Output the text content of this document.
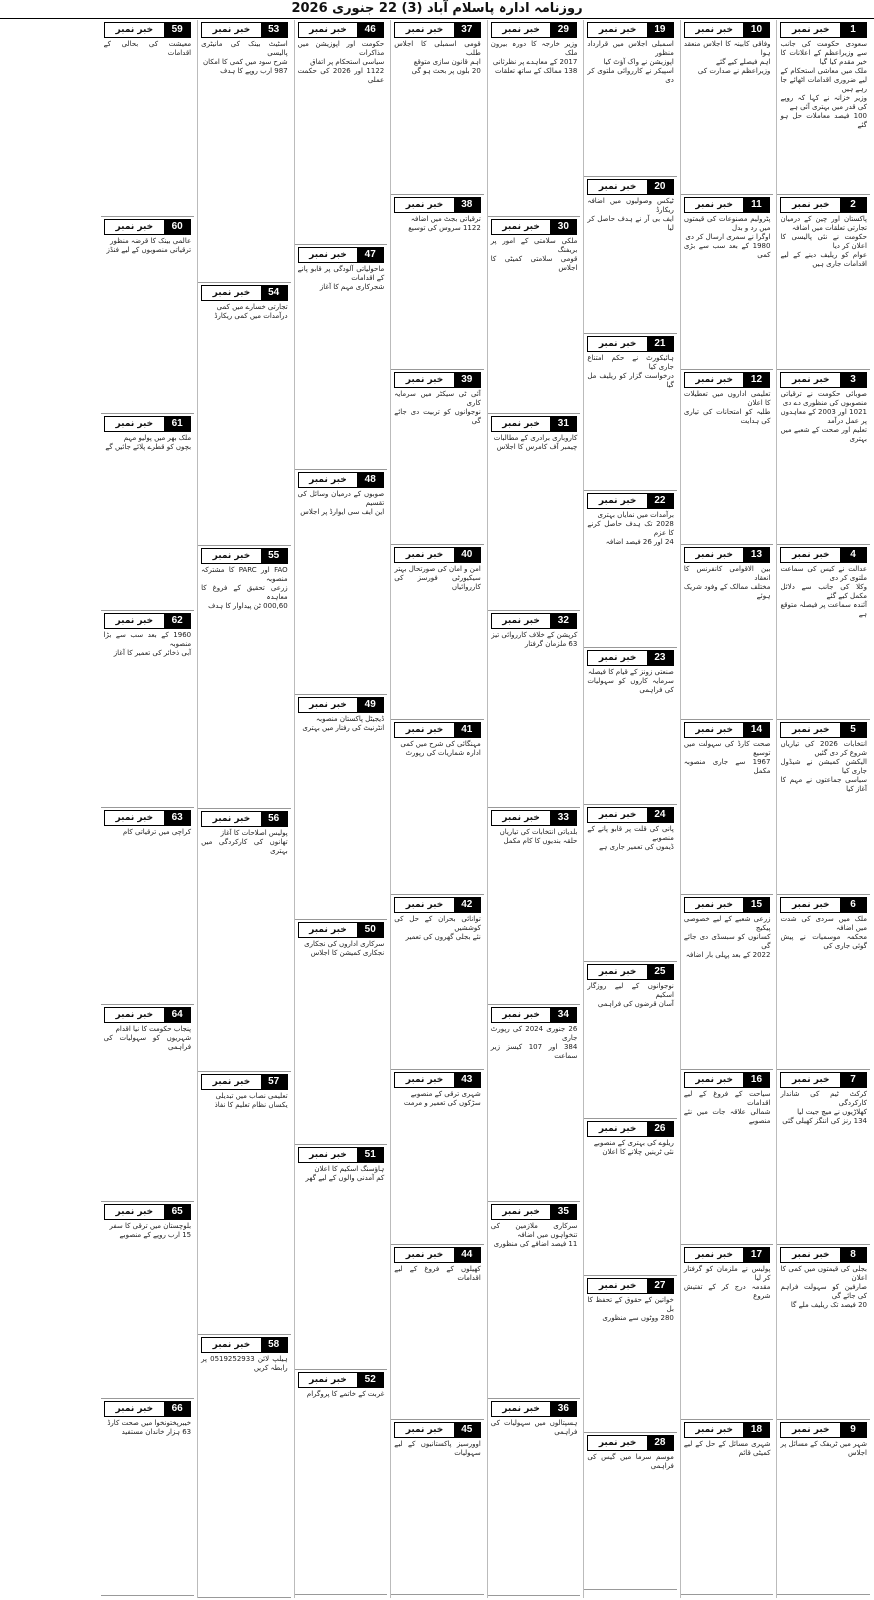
روزنامہ ادارہ پاسلام آباد (3) 22 جنوری 2026
خبر نمبر	1
سعودی حکومت کی جانب سے وزیراعظم کے اعلانات کا خیر مقدم کیا گیا
ملک میں معاشی استحکام کے لیے ضروری اقدامات اٹھائے جا رہے ہیں
وزیر خزانہ نے کہا کہ روپے کی قدر میں بہتری آئی ہے
100 فیصد معاملات حل ہو گئے
خبر نمبر	2
پاکستان اور چین کے درمیان تجارتی تعلقات میں اضافہ
حکومت نے نئی پالیسی کا اعلان کر دیا
عوام کو ریلیف دینے کے لیے اقدامات جاری ہیں
خبر نمبر	3
صوبائی حکومت نے ترقیاتی منصوبوں کی منظوری دے دی
1021 اور 2003 کے معاہدوں پر عمل درآمد
تعلیم اور صحت کے شعبے میں بہتری
خبر نمبر	4
عدالت نے کیس کی سماعت ملتوی کر دی
وکلا کی جانب سے دلائل مکمل کیے گئے
آئندہ سماعت پر فیصلہ متوقع ہے
خبر نمبر	5
انتخابات 2026 کی تیاریاں شروع کر دی گئیں
الیکشن کمیشن نے شیڈول جاری کیا
سیاسی جماعتوں نے مہم کا آغاز کیا
خبر نمبر	6
ملک میں سردی کی شدت میں اضافہ
محکمہ موسمیات نے پیش گوئی جاری کی
خبر نمبر	7
کرکٹ ٹیم کی شاندار کارکردگی
کھلاڑیوں نے میچ جیت لیا
134 رنز کی اننگز کھیلی گئی
خبر نمبر	8
بجلی کی قیمتوں میں کمی کا اعلان
صارفین کو سہولت فراہم کی جائے گی
20 فیصد تک ریلیف ملے گا
خبر نمبر	9
شہر میں ٹریفک کے مسائل پر اجلاس
خبر نمبر	10
وفاقی کابینہ کا اجلاس منعقد ہوا
اہم فیصلے کیے گئے
وزیراعظم نے صدارت کی
خبر نمبر	11
پٹرولیم مصنوعات کی قیمتوں میں رد و بدل
اوگرا نے سمری ارسال کر دی
1980 کے بعد سب سے بڑی کمی
خبر نمبر	12
تعلیمی اداروں میں تعطیلات کا اعلان
طلبہ کو امتحانات کی تیاری کی ہدایت
خبر نمبر	13
بین الاقوامی کانفرنس کا انعقاد
مختلف ممالک کے وفود شریک ہوئے
خبر نمبر	14
صحت کارڈ کی سہولت میں توسیع
1967 سے جاری منصوبہ مکمل
خبر نمبر	15
زرعی شعبے کے لیے خصوصی پیکیج
کسانوں کو سبسڈی دی جائے گی
2022 کے بعد پہلی بار اضافہ
خبر نمبر	16
سیاحت کے فروغ کے لیے اقدامات
شمالی علاقہ جات میں نئے منصوبے
خبر نمبر	17
پولیس نے ملزمان کو گرفتار کر لیا
مقدمہ درج کر کے تفتیش شروع
خبر نمبر	18
شہری مسائل کے حل کے لیے کمیٹی قائم
خبر نمبر	19
اسمبلی اجلاس میں قرارداد منظور
اپوزیشن نے واک آؤٹ کیا
اسپیکر نے کارروائی ملتوی کر دی
خبر نمبر	20
ٹیکس وصولیوں میں اضافہ ریکارڈ
ایف بی آر نے ہدف حاصل کر لیا
خبر نمبر	21
ہائیکورٹ نے حکم امتناع جاری کیا
درخواست گزار کو ریلیف مل گیا
خبر نمبر	22
برآمدات میں نمایاں بہتری
2028 تک ہدف حاصل کرنے کا عزم
24 اور 26 فیصد اضافہ
خبر نمبر	23
صنعتی زونز کے قیام کا فیصلہ
سرمایہ کاروں کو سہولیات کی فراہمی
خبر نمبر	24
پانی کی قلت پر قابو پانے کے منصوبے
ڈیموں کی تعمیر جاری ہے
خبر نمبر	25
نوجوانوں کے لیے روزگار اسکیم
آسان قرضوں کی فراہمی
خبر نمبر	26
ریلوے کی بہتری کے منصوبے
نئی ٹرینیں چلانے کا اعلان
خبر نمبر	27
خواتین کے حقوق کے تحفظ کا بل
280 ووٹوں سے منظوری
خبر نمبر	28
موسم سرما میں گیس کی فراہمی
خبر نمبر	29
وزیر خارجہ کا دورہ بیرون ملک
2017 کے معاہدے پر نظرثانی
138 ممالک کے ساتھ تعلقات
خبر نمبر	30
ملکی سلامتی کے امور پر بریفنگ
قومی سلامتی کمیٹی کا اجلاس
خبر نمبر	31
کاروباری برادری کے مطالبات
چیمبر آف کامرس کا اجلاس
خبر نمبر	32
کرپشن کے خلاف کارروائی تیز
63 ملزمان گرفتار
خبر نمبر	33
بلدیاتی انتخابات کی تیاریاں
حلقہ بندیوں کا کام مکمل
خبر نمبر	34
26 جنوری 2024 کی رپورٹ جاری
384 اور 107 کیسز زیر سماعت
خبر نمبر	35
سرکاری ملازمین کی تنخواہوں میں اضافہ
11 فیصد اضافے کی منظوری
خبر نمبر	36
ہسپتالوں میں سہولیات کی فراہمی
خبر نمبر	37
قومی اسمبلی کا اجلاس طلب
اہم قانون سازی متوقع
20 بلوں پر بحث ہو گی
خبر نمبر	38
ترقیاتی بجٹ میں اضافہ
1122 سروس کی توسیع
خبر نمبر	39
آئی ٹی سیکٹر میں سرمایہ کاری
نوجوانوں کو تربیت دی جائے گی
خبر نمبر	40
امن و امان کی صورتحال بہتر
سیکیورٹی فورسز کی کارروائیاں
خبر نمبر	41
مہنگائی کی شرح میں کمی
ادارہ شماریات کی رپورٹ
خبر نمبر	42
توانائی بحران کے حل کی کوششیں
نئے بجلی گھروں کی تعمیر
خبر نمبر	43
شہری ترقی کے منصوبے
سڑکوں کی تعمیر و مرمت
خبر نمبر	44
کھیلوں کے فروغ کے لیے اقدامات
خبر نمبر	45
اوورسیز پاکستانیوں کے لیے سہولیات
خبر نمبر	46
حکومت اور اپوزیشن میں مذاکرات
سیاسی استحکام پر اتفاق
1122 اور 2026 کی حکمت عملی
خبر نمبر	47
ماحولیاتی آلودگی پر قابو پانے کے اقدامات
شجرکاری مہم کا آغاز
خبر نمبر	48
صوبوں کے درمیان وسائل کی تقسیم
این ایف سی ایوارڈ پر اجلاس
خبر نمبر	49
ڈیجیٹل پاکستان منصوبہ
انٹرنیٹ کی رفتار میں بہتری
خبر نمبر	50
سرکاری اداروں کی نجکاری
نجکاری کمیشن کا اجلاس
خبر نمبر	51
ہاؤسنگ اسکیم کا اعلان
کم آمدنی والوں کے لیے گھر
خبر نمبر	52
غربت کے خاتمے کا پروگرام
خبر نمبر	53
اسٹیٹ بینک کی مانیٹری پالیسی
شرح سود میں کمی کا امکان
987 ارب روپے کا ہدف
خبر نمبر	54
تجارتی خسارے میں کمی
درآمدات میں کمی ریکارڈ
خبر نمبر	55
FAO اور PARC کا مشترکہ منصوبہ
زرعی تحقیق کے فروغ کا معاہدہ
000,60 ٹن پیداوار کا ہدف
خبر نمبر	56
پولیس اصلاحات کا آغاز
تھانوں کی کارکردگی میں بہتری
خبر نمبر	57
تعلیمی نصاب میں تبدیلی
یکساں نظام تعلیم کا نفاذ
خبر نمبر	58
ہیلپ لائن 0519252933 پر رابطہ کریں
خبر نمبر	59
معیشت کی بحالی کے اقدامات
خبر نمبر	60
عالمی بینک کا قرضہ منظور
ترقیاتی منصوبوں کے لیے فنڈز
خبر نمبر	61
ملک بھر میں پولیو مہم
بچوں کو قطرے پلائے جائیں گے
خبر نمبر	62
1960 کے بعد سب سے بڑا منصوبہ
آبی ذخائر کی تعمیر کا آغاز
خبر نمبر	63
کراچی میں ترقیاتی کام
خبر نمبر	64
پنجاب حکومت کا نیا اقدام
شہریوں کو سہولیات کی فراہمی
خبر نمبر	65
بلوچستان میں ترقی کا سفر
15 ارب روپے کے منصوبے
خبر نمبر	66
خیبرپختونخوا میں صحت کارڈ
63 ہزار خاندان مستفید
